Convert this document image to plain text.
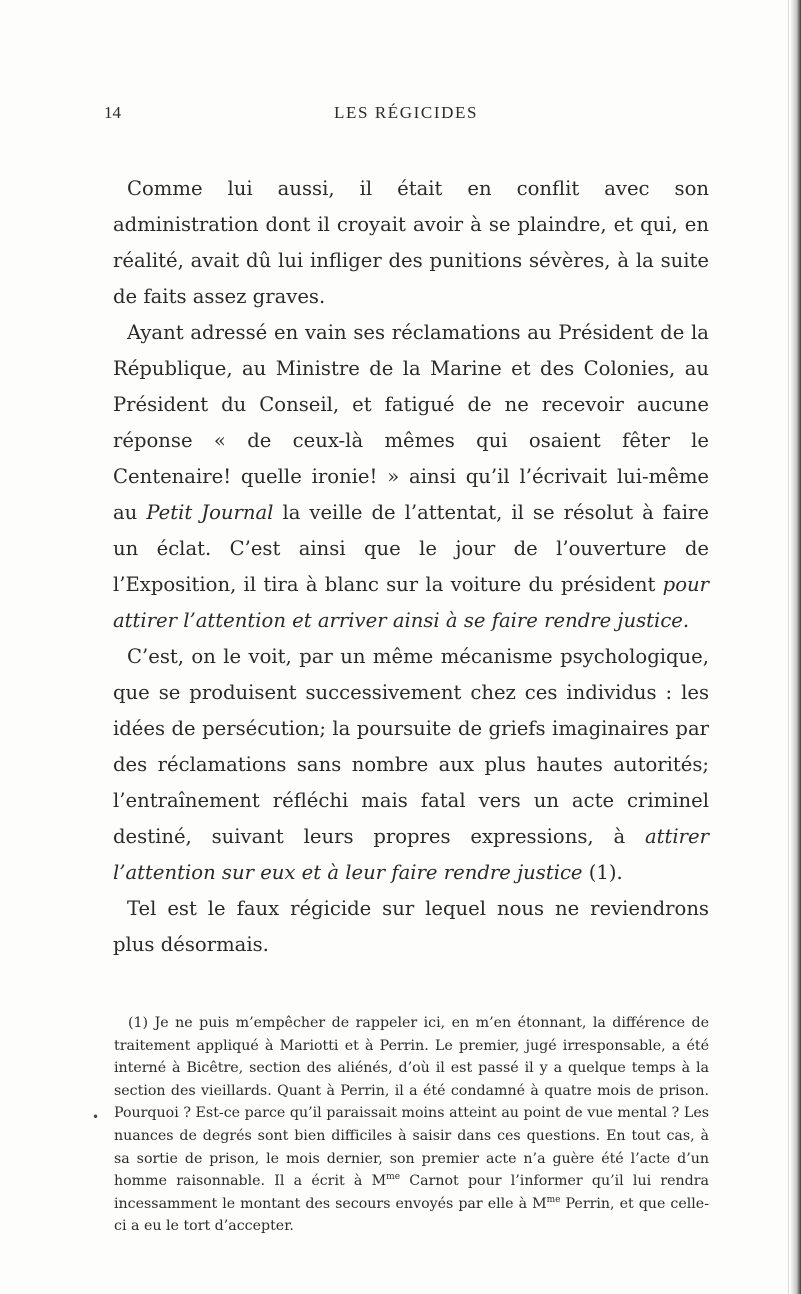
14	LES RÉGICIDES

Comme lui aussi, il était en conflit avec son administration dont il croyait avoir à se plaindre, et qui, en réalité, avait dû lui infliger des punitions sévères, à la suite de faits assez graves.

Ayant adressé en vain ses réclamations au Président de la République, au Ministre de la Marine et des Colonies, au Président du Conseil, et fatigué de ne recevoir aucune réponse « de ceux-là mêmes qui osaient fêter le Centenaire! quelle ironie! » ainsi qu’il l’écrivait lui-même au Petit Journal la veille de l’attentat, il se résolut à faire un éclat. C’est ainsi que le jour de l’ouverture de l’Exposition, il tira à blanc sur la voiture du président pour attirer l’attention et arriver ainsi à se faire rendre justice.

C’est, on le voit, par un même mécanisme psychologique, que se produisent successivement chez ces individus : les idées de persécution; la poursuite de griefs imaginaires par des réclamations sans nombre aux plus hautes autorités; l’entraînement réfléchi mais fatal vers un acte criminel destiné, suivant leurs propres expressions, à attirer l’attention sur eux et à leur faire rendre justice (1).

Tel est le faux régicide sur lequel nous ne reviendrons plus désormais.

•
(1) Je ne puis m’empêcher de rappeler ici, en m’en étonnant, la différence de traitement appliqué à Mariotti et à Perrin. Le premier, jugé irresponsable, a été interné à Bicêtre, section des aliénés, d’où il est passé il y a quelque temps à la section des vieillards. Quant à Perrin, il a été condamné à quatre mois de prison. Pourquoi ? Est-ce parce qu’il paraissait moins atteint au point de vue mental ? Les nuances de degrés sont bien difficiles à saisir dans ces questions. En tout cas, à sa sortie de prison, le mois dernier, son premier acte n’a guère été l’acte d’un homme raisonnable. Il a écrit à $M^{me}$ Carnot pour l’informer qu’il lui rendra incessamment le montant des secours envoyés par elle à $M^{me}$ Perrin, et que celle-ci a eu le tort d’accepter.
